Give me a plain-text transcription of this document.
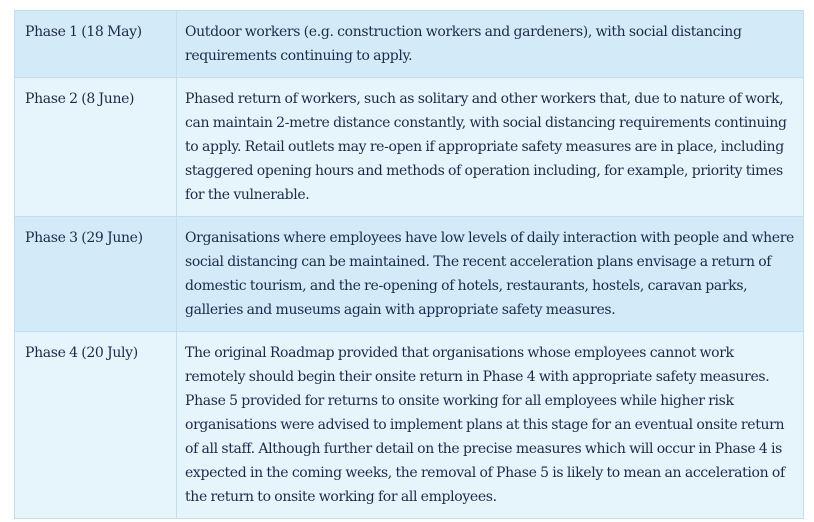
Phase 1 (18 May)	Outdoor workers (e.g. construction workers and gardeners), with social distancing requirements continuing to apply.
Phase 2 (8 June)	Phased return of workers, such as solitary and other workers that, due to nature of work, can maintain 2-metre distance constantly, with social distancing requirements continuing to apply. Retail outlets may re-open if appropriate safety measures are in place, including staggered opening hours and methods of operation including, for example, priority times for the vulnerable.
Phase 3 (29 June)	Organisations where employees have low levels of daily interaction with people and where social distancing can be maintained. The recent acceleration plans envisage a return of domestic tourism, and the re-opening of hotels, restaurants, hostels, caravan parks, galleries and museums again with appropriate safety measures.
Phase 4 (20 July)	The original Roadmap provided that organisations whose employees cannot work remotely should begin their onsite return in Phase 4 with appropriate safety measures. Phase 5 provided for returns to onsite working for all employees while higher risk organisations were advised to implement plans at this stage for an eventual onsite return of all staff. Although further detail on the precise measures which will occur in Phase 4 is expected in the coming weeks, the removal of Phase 5 is likely to mean an acceleration of the return to onsite working for all employees.
